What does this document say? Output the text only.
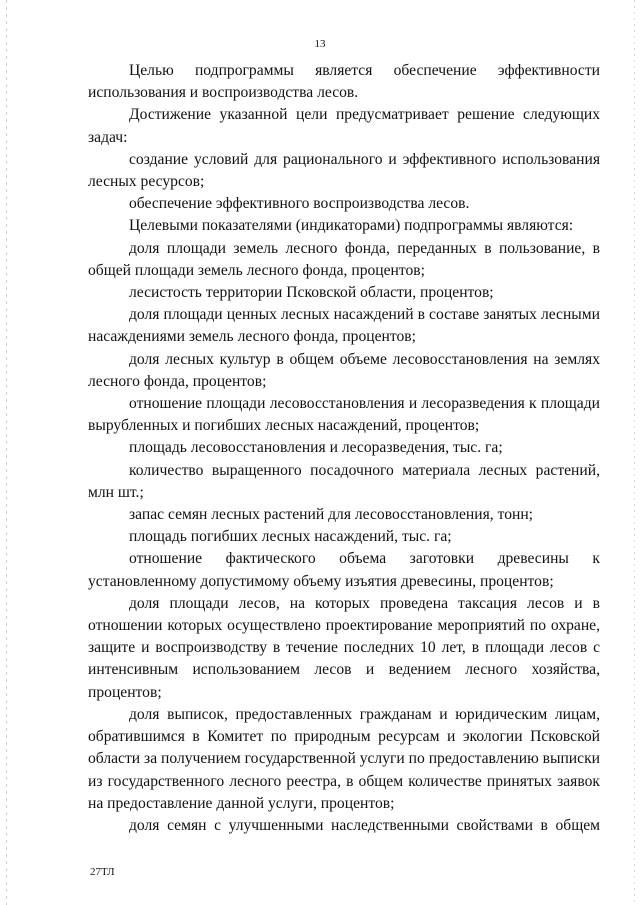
13

Целью подпрограммы является обеспечение эффективности использования и воспроизводства лесов.

Достижение указанной цели предусматривает решение следующих задач:

создание условий для рационального и эффективного использования лесных ресурсов;

обеспечение эффективного воспроизводства лесов.

Целевыми показателями (индикаторами) подпрограммы являются:

доля площади земель лесного фонда, переданных в пользование, в общей площади земель лесного фонда, процентов;

лесистость территории Псковской области, процентов;

доля площади ценных лесных насаждений в составе занятых лесными насаждениями земель лесного фонда, процентов;

доля лесных культур в общем объеме лесовосстановления на землях лесного фонда, процентов;

отношение площади лесовосстановления и лесоразведения к площади вырубленных и погибших лесных насаждений, процентов;

площадь лесовосстановления и лесоразведения, тыс. га;

количество выращенного посадочного материала лесных растений, млн шт.;

запас семян лесных растений для лесовосстановления, тонн;

площадь погибших лесных насаждений, тыс. га;

отношение фактического объема заготовки древесины к установленному допустимому объему изъятия древесины, процентов;

доля площади лесов, на которых проведена таксация лесов и в отношении которых осуществлено проектирование мероприятий по охране, защите и воспроизводству в течение последних 10 лет, в площади лесов с интенсивным использованием лесов и ведением лесного хозяйства, процентов;

доля выписок, предоставленных гражданам и юридическим лицам, обратившимся в Комитет по природным ресурсам и экологии Псковской области за получением государственной услуги по предоставлению выписки из государственного лесного реестра, в общем количестве принятых заявок на предоставление данной услуги, процентов;

доля семян с улучшенными наследственными свойствами в общем

27ТЛ
